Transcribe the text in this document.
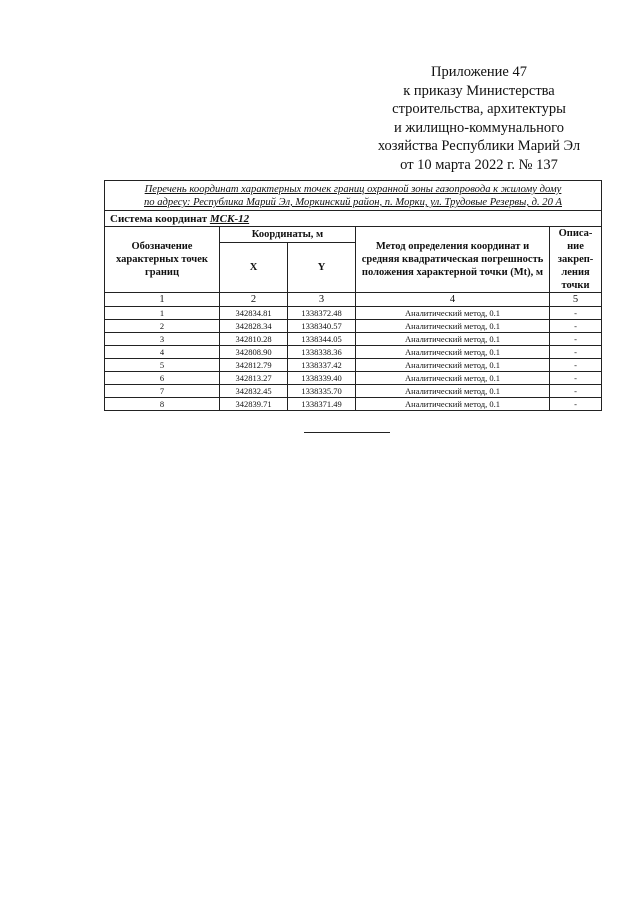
Приложение 47
к приказу Министерства
строительства, архитектуры
и жилищно-коммунального
хозяйства Республики Марий Эл
от 10 марта 2022 г. № 137
Перечень координат характерных точек границ охранной зоны газопровода к жилому дому
по адресу: Республика Марий Эл, Моркинский район, п. Морки, ул. Трудовые Резервы, д. 20 А				

Система координат МСК-12				
Обозначение характерных точек границ	Координаты, м		Метод определения координат и средняя квадратическая погрешность положения характерной точки (Mt), м	Описа-ние закреп-ления точки
	X	Y		
1	2	3	4	5
1	342834.81	1338372.48	Аналитический метод, 0.1	-
2	342828.34	1338340.57	Аналитический метод, 0.1	-
3	342810.28	1338344.05	Аналитический метод, 0.1	-
4	342808.90	1338338.36	Аналитический метод, 0.1	-
5	342812.79	1338337.42	Аналитический метод, 0.1	-
6	342813.27	1338339.40	Аналитический метод, 0.1	-
7	342832.45	1338335.70	Аналитический метод, 0.1	-
8	342839.71	1338371.49	Аналитический метод, 0.1	-
